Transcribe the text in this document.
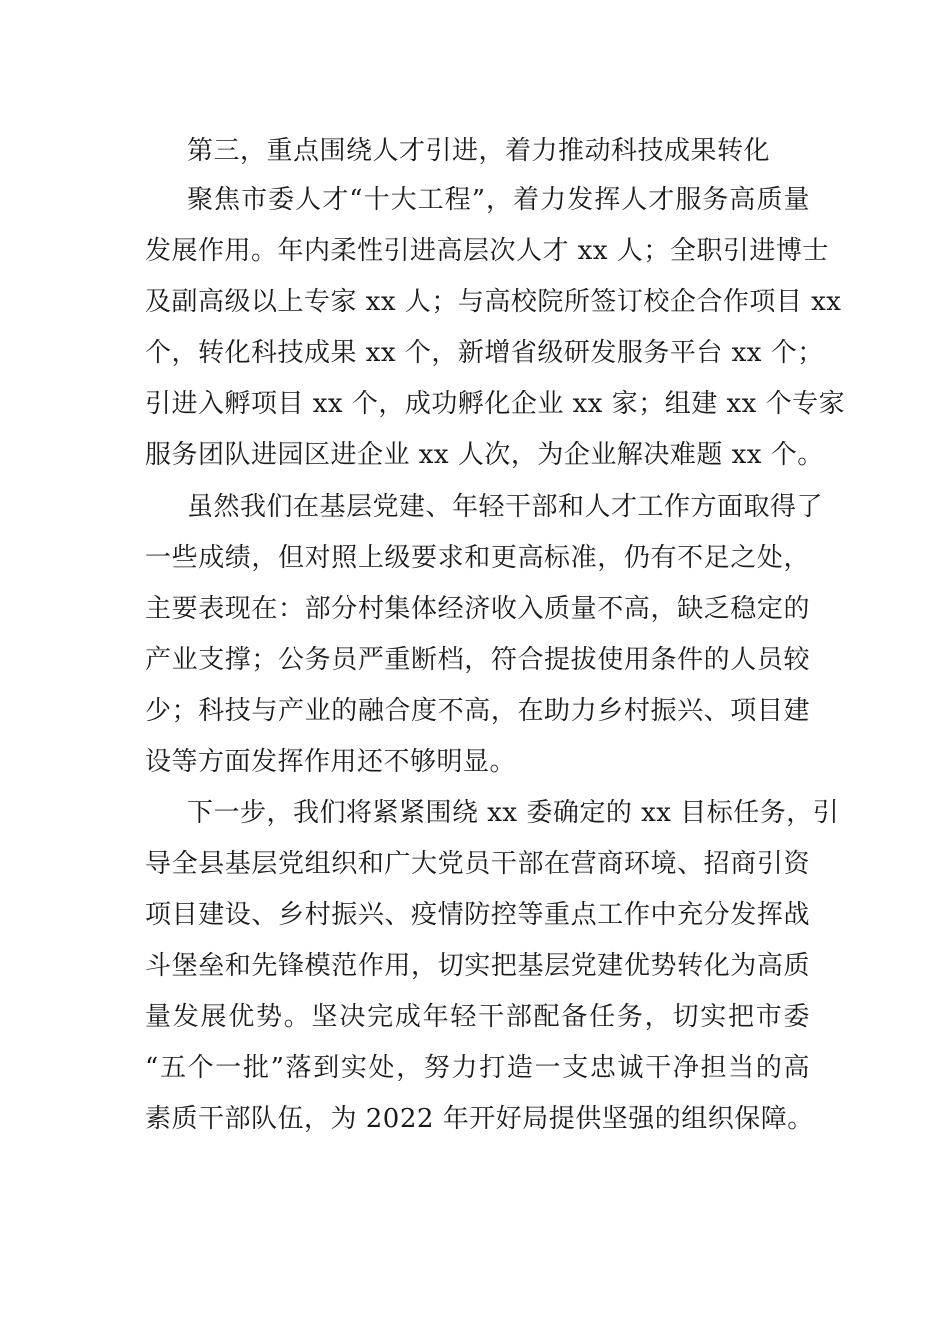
第三，重点围绕人才引进，着力推动科技成果转化
聚焦市委人才“十大工程”，着力发挥人才服务高质量
发展作用。年内柔性引进高层次人才 xx 人；全职引进博士
及副高级以上专家 xx 人；与高校院所签订校企合作项目 xx
个，转化科技成果 xx 个，新增省级研发服务平台 xx 个；
引进入孵项目 xx 个，成功孵化企业 xx 家；组建 xx 个专家
服务团队进园区进企业 xx 人次，为企业解决难题 xx 个。
虽然我们在基层党建、年轻干部和人才工作方面取得了
一些成绩，但对照上级要求和更高标准，仍有不足之处，
主要表现在：部分村集体经济收入质量不高，缺乏稳定的
产业支撑；公务员严重断档，符合提拔使用条件的人员较
少；科技与产业的融合度不高，在助力乡村振兴、项目建
设等方面发挥作用还不够明显。
下一步，我们将紧紧围绕 xx 委确定的 xx 目标任务，引
导全县基层党组织和广大党员干部在营商环境、招商引资
项目建设、乡村振兴、疫情防控等重点工作中充分发挥战
斗堡垒和先锋模范作用，切实把基层党建优势转化为高质
量发展优势。坚决完成年轻干部配备任务，切实把市委
“五个一批”落到实处，努力打造一支忠诚干净担当的高
素质干部队伍，为 2022 年开好局提供坚强的组织保障。
